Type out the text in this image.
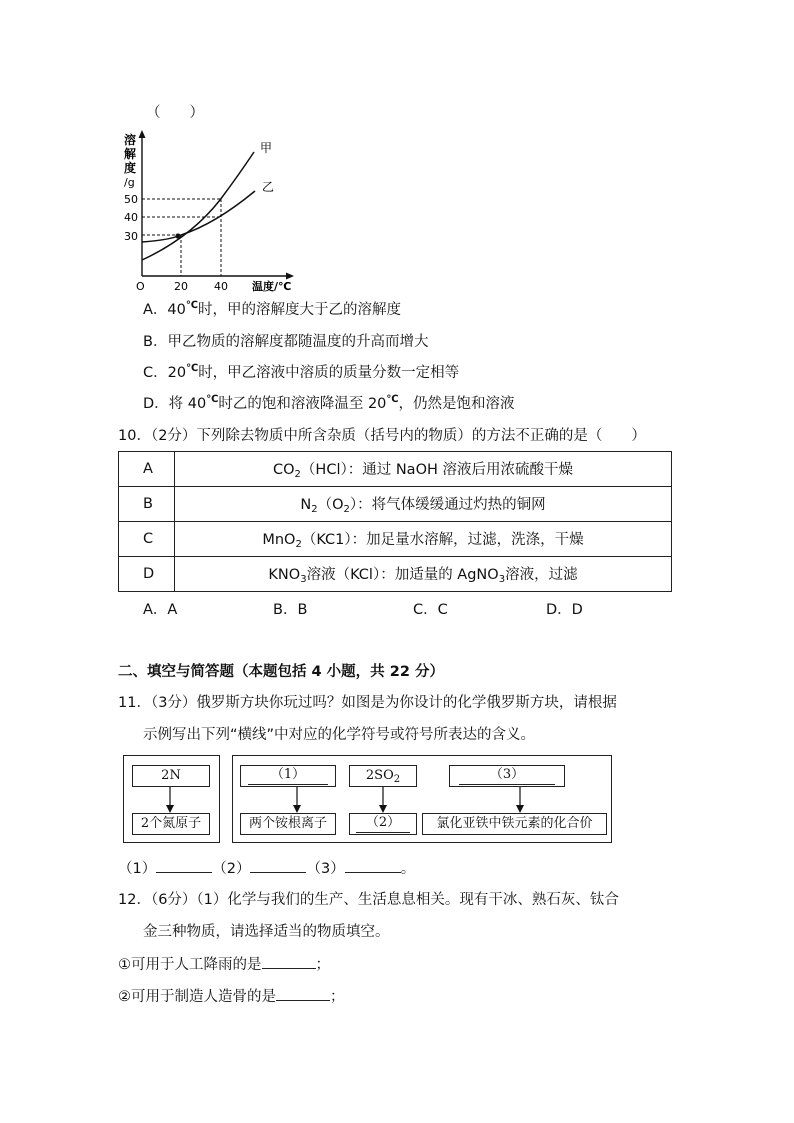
（　　）
溶
解
度
/g
50
40
30
O	20 40 温度/℃
甲
乙
A．40℃时，甲的溶解度大于乙的溶解度
B．甲乙物质的溶解度都随温度的升高而增大
C．20℃时，甲乙溶液中溶质的质量分数一定相等
D．将 40℃时乙的饱和溶液降温至 20℃，仍然是饱和溶液
10．（2分）下列除去物质中所含杂质（括号内的物质）的方法不正确的是（　　）
A	$CO_2(HCl)$：通过 NaOH 溶液后用浓硫酸干燥
B	$N_2(O_2)$：将气体缓缓通过灼热的铜网
C	MnO$_2$（KC1）：加足量水溶解，过滤，洗涤，干燥
D	$KNO_3$溶液（KCl）：加适量的 AgNO$_3$溶液，过滤
A．A	B．B	C．C	D．D
二、填空与简答题（本题包括 4 小题，共 22 分）
11．（3分）俄罗斯方块你玩过吗？如图是为你设计的化学俄罗斯方块，请根据
示例写出下列“横线”中对应的化学符号或符号所表达的含义。
2N
2个氮原子
（1）
两个铵根离子
$2SO_2$
（2）
（3）
氯化亚铁中铁元素的化合价
（1）	（2）	（3）	。
12．（6分）（1）化学与我们的生产、生活息息相关。现有干冰、熟石灰、钛合
金三种物质，请选择适当的物质填空。
①可用于人工降雨的是	；
②可用于制造人造骨的是	；
